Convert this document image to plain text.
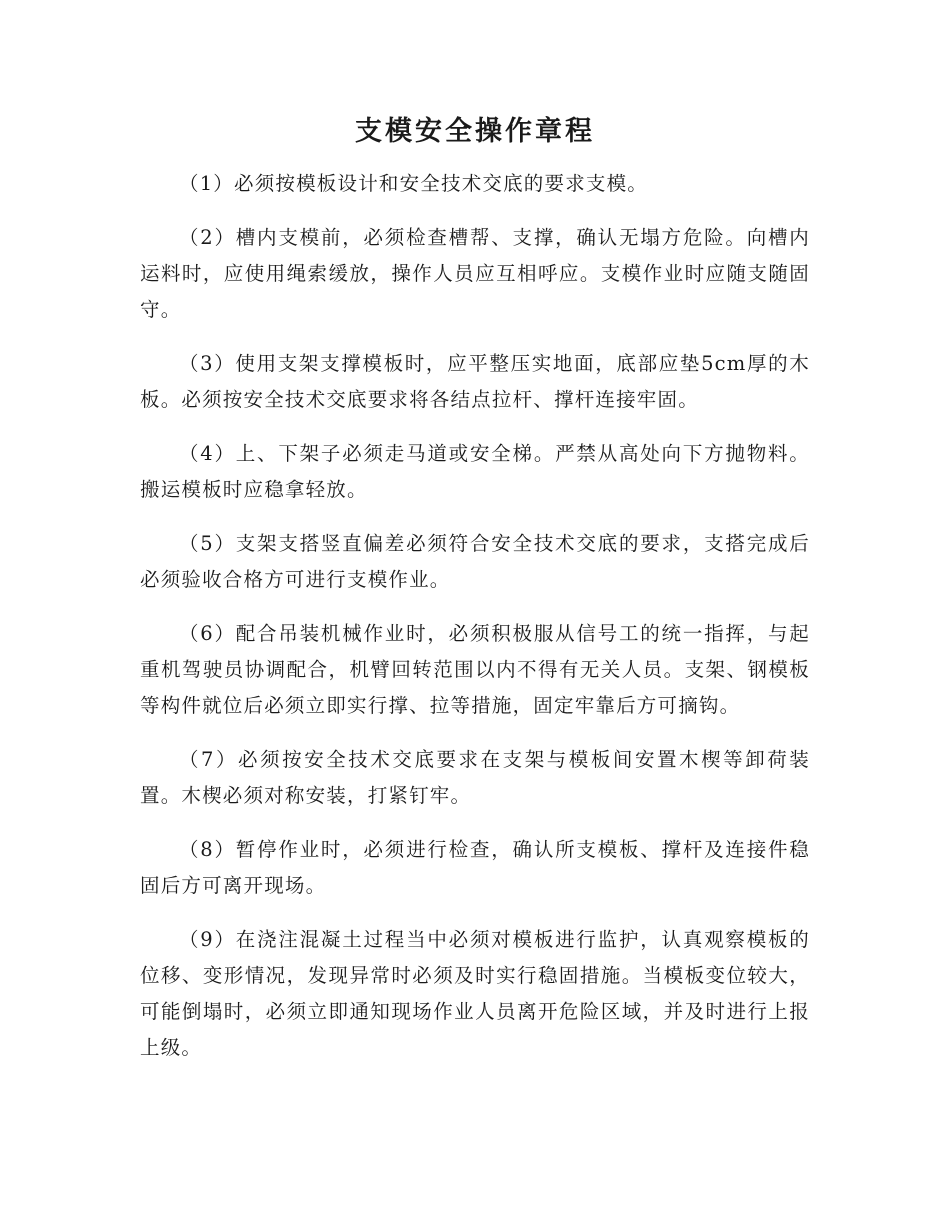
支模安全操作章程

（1）必须按模板设计和安全技术交底的要求支模。

（2）槽内支模前，必须检查槽帮、支撑，确认无塌方危险。向槽内运料时，应使用绳索缓放，操作人员应互相呼应。支模作业时应随支随固守。

（3）使用支架支撑模板时，应平整压实地面，底部应垫5cm厚的木板。必须按安全技术交底要求将各结点拉杆、撑杆连接牢固。

（4）上、下架子必须走马道或安全梯。严禁从高处向下方抛物料。搬运模板时应稳拿轻放。

（5）支架支搭竖直偏差必须符合安全技术交底的要求，支搭完成后必须验收合格方可进行支模作业。

（6）配合吊装机械作业时，必须积极服从信号工的统一指挥，与起重机驾驶员协调配合，机臂回转范围以内不得有无关人员。支架、钢模板等构件就位后必须立即实行撑、拉等措施，固定牢靠后方可摘钩。

（7）必须按安全技术交底要求在支架与模板间安置木楔等卸荷装置。木楔必须对称安装，打紧钉牢。

（8）暂停作业时，必须进行检查，确认所支模板、撑杆及连接件稳固后方可离开现场。

（9）在浇注混凝土过程当中必须对模板进行监护，认真观察模板的位移、变形情况，发现异常时必须及时实行稳固措施。当模板变位较大，可能倒塌时，必须立即通知现场作业人员离开危险区域，并及时进行上报上级。
